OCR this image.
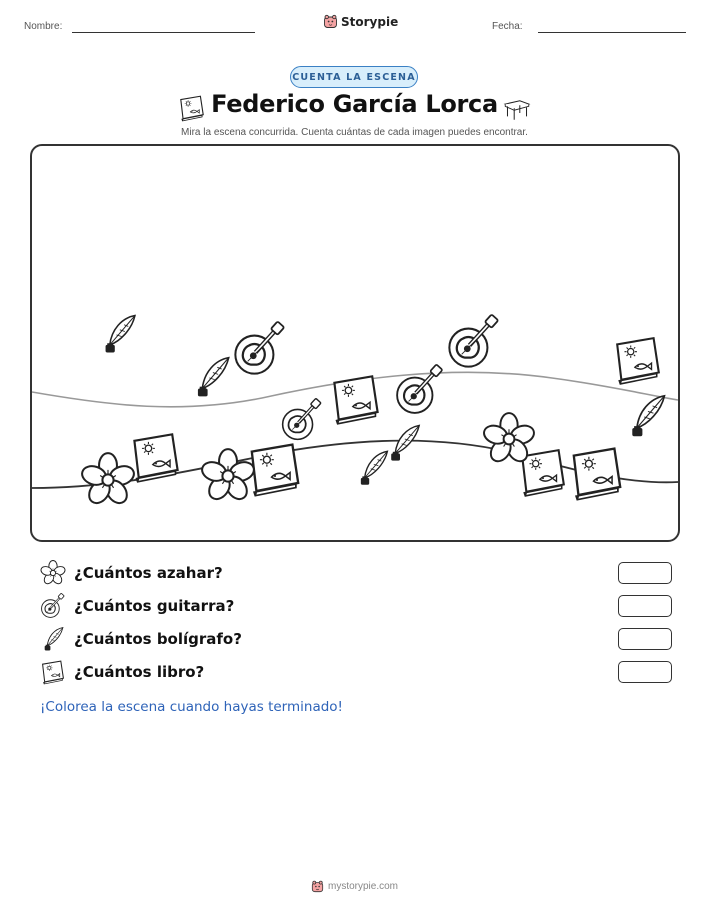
Nombre:	Storypie	Fecha:
CUENTA LA ESCENA
Federico García Lorca
Mira la escena concurrida. Cuenta cuántas de cada imagen puedes encontrar.
¿Cuántos azahar?
¿Cuántos guitarra?
¿Cuántos bolígrafo?
¿Cuántos libro?
¡Colorea la escena cuando hayas terminado!
mystorypie.com
